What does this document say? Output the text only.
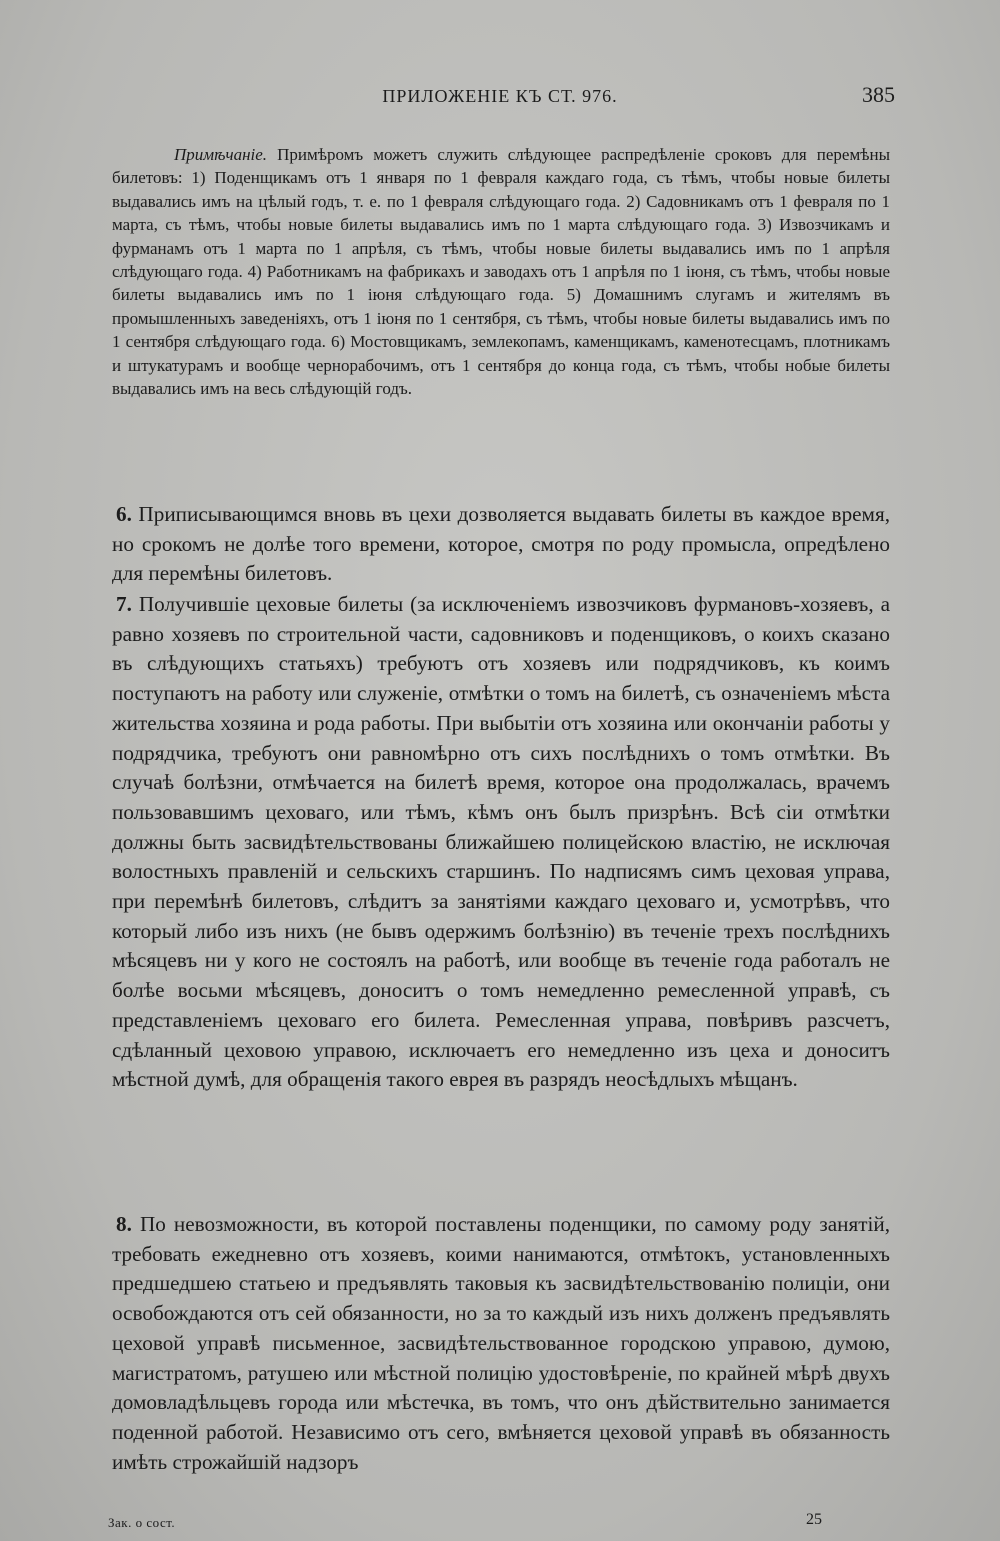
ПРИЛОЖЕНІЕ КЪ СТ. 976.	385

Примѣчаніе. Примѣромъ можетъ служить слѣдующее распредѣленіе сроковъ для перемѣны билетовъ: 1) Поденщикамъ отъ 1 января по 1 февраля каждаго года, съ тѣмъ, чтобы новые билеты выдавались имъ на цѣлый годъ, т. е. по 1 февраля слѣдующаго года. 2) Садовникамъ отъ 1 февраля по 1 марта, съ тѣмъ, чтобы новые билеты выдавались имъ по 1 марта слѣдующаго года. 3) Извозчикамъ и фурманамъ отъ 1 марта по 1 апрѣля, съ тѣмъ, чтобы новые билеты выдавались имъ по 1 апрѣля слѣдующаго года. 4) Работникамъ на фабрикахъ и заводахъ отъ 1 апрѣля по 1 іюня, съ тѣмъ, чтобы новые билеты выдавались имъ по 1 іюня слѣдующаго года. 5) Домашнимъ слугамъ и жителямъ въ промышленныхъ заведеніяхъ, отъ 1 іюня по 1 сентября, съ тѣмъ, чтобы новые билеты выдавались имъ по 1 сентября слѣдующаго года. 6) Мостовщикамъ, землекопамъ, каменщикамъ, каменотесцамъ, плотникамъ и штукатурамъ и вообще чернорабочимъ, отъ 1 сентября до конца года, съ тѣмъ, чтобы нобые билеты выдавались имъ на весь слѣдующій годъ.

6. Приписывающимся вновь въ цехи дозволяется выдавать билеты въ каждое время, но срокомъ не долѣе того времени, которое, смотря по роду промысла, опредѣлено для перемѣны билетовъ.

7. Получившіе цеховые билеты (за исключеніемъ извозчиковъ фурмановъ-хозяевъ, а равно хозяевъ по строительной части, садовниковъ и поденщиковъ, о коихъ сказано въ слѣдующихъ статьяхъ) требуютъ отъ хозяевъ или подрядчиковъ, къ коимъ поступаютъ на работу или служеніе, отмѣтки о томъ на билетѣ, съ означеніемъ мѣста жительства хозяина и рода работы. При выбытіи отъ хозяина или окончаніи работы у подрядчика, требуютъ они равномѣрно отъ сихъ послѣднихъ о томъ отмѣтки. Въ случаѣ болѣзни, отмѣчается на билетѣ время, которое она продолжалась, врачемъ пользовавшимъ цеховаго, или тѣмъ, кѣмъ онъ былъ призрѣнъ. Всѣ сіи отмѣтки должны быть засвидѣтельствованы ближайшею полицейскою властію, не исключая волостныхъ правленій и сельскихъ старшинъ. По надписямъ симъ цеховая управа, при перемѣнѣ билетовъ, слѣдитъ за занятіями каждаго цеховаго и, усмотрѣвъ, что который либо изъ нихъ (не бывъ одержимъ болѣзнію) въ теченіе трехъ послѣднихъ мѣсяцевъ ни у кого не состоялъ на работѣ, или вообще въ теченіе года работалъ не болѣе восьми мѣсяцевъ, доноситъ о томъ немедленно ремесленной управѣ, съ представленіемъ цеховаго его билета. Ремесленная управа, повѣривъ разсчетъ, сдѣланный цеховою управою, исключаетъ его немедленно изъ цеха и доноситъ мѣстной думѣ, для обращенія такого еврея въ разрядъ неосѣдлыхъ мѣщанъ.

8. По невозможности, въ которой поставлены поденщики, по самому роду занятій, требовать ежедневно отъ хозяевъ, коими нанимаются, отмѣтокъ, установленныхъ предшедшею статьею и предъявлять таковыя къ засвидѣтельствованію полиціи, они освобождаются отъ сей обязанности, но за то каждый изъ нихъ долженъ предъявлять цеховой управѣ письменное, засвидѣтельствованное городскою управою, думою, магистратомъ, ратушею или мѣстной полицію удостовѣреніе, по крайней мѣрѣ двухъ домовладѣльцевъ города или мѣстечка, въ томъ, что онъ дѣйствительно занимается поденной работой. Независимо отъ сего, вмѣняется цеховой управѣ въ обязанность имѣть строжайшій надзоръ

Зак. о сост.	25
